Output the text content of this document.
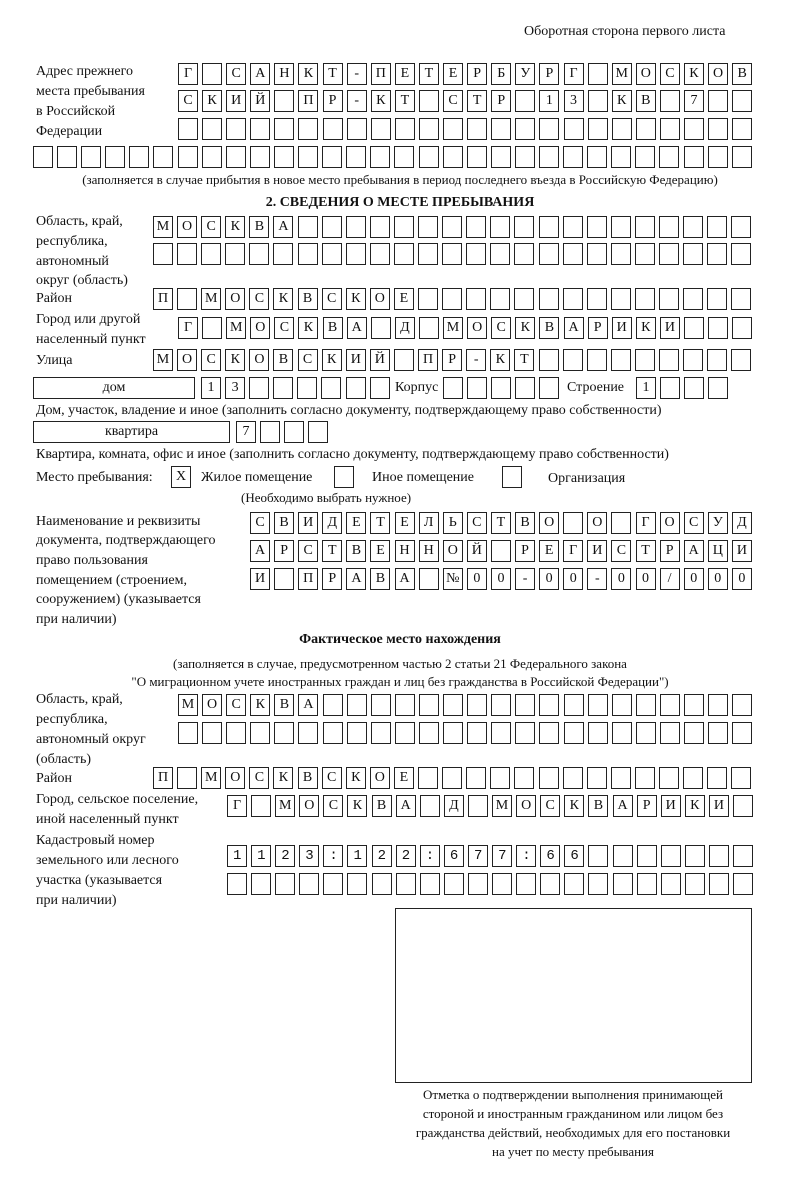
Оборотная сторона первого листа
Адрес прежнего
места пребывания
в Российской
Федерации
Г	С	А Н	К	Т	-	П	Е	Т	Е	Р	Б	У	Р	Г	М О	С	К	О	В
С	К	И Й	П	Р	-	К	Т	С	Т	Р	1	3	К	В	7
(заполняется в случае прибытия в новое место пребывания в период последнего въезда в Российскую Федерацию)
2. СВЕДЕНИЯ О МЕСТЕ ПРЕБЫВАНИЯ
Область, край,
республика,
автономный
округ (область)
М О	С	К	В	А
Район	П	М О	С	К	В	С	К	О	Е
Город или другой
населенный пункт
Г	М О	С	К	В	А	Д	М О	С	К	В	А	Р	И	К	И
Улица	М О	С	К	О	В	С	К	И Й	П	Р	-	К	Т
дом	1	3	Корпус	Строение	1
Дом, участок, владение и иное (заполнить согласно документу, подтверждающему право собственности)
квартира	7
Квартира, комната, офис и иное (заполнить согласно документу, подтверждающему право собственности)
Место пребывания:	Х	Жилое помещение	Иное помещение	Организация
(Необходимо выбрать нужное)
Наименование и реквизиты
документа, подтверждающего
право пользования
помещением (строением,
сооружением) (указывается
при наличии)
С	В	И	Д	Е	Т	Е	Л	Ь	С	Т	В	О	О	Г	О	С	У	Д
А	Р	С	Т	В	Е	Н Н О Й	Р	Е	Г	И	С	Т	Р	А Ц И
И	П	Р	А	В	А	№ 0	0	-	0	0	-	0	0	/	0	0	0
Фактическое место нахождения
(заполняется в случае, предусмотренном частью 2 статьи 21 Федерального закона
"О миграционном учете иностранных граждан и лиц без гражданства в Российской Федерации")
Область, край,
республика,
автономный округ
(область)
М О	С	К	В	А
Район	П	М О	С	К	В	С	К	О	Е
Город, сельское поселение,
иной населенный пункт
Г	М О	С	К	В	А	Д	М О	С	К	В	А	Р	И	К	И
Кадастровый номер
земельного или лесного
участка (указывается
при наличии)
1123:122:677:66
Отметка о подтверждении выполнения принимающей
стороной и иностранным гражданином или лицом без
гражданства действий, необходимых для его постановки
на учет по месту пребывания
